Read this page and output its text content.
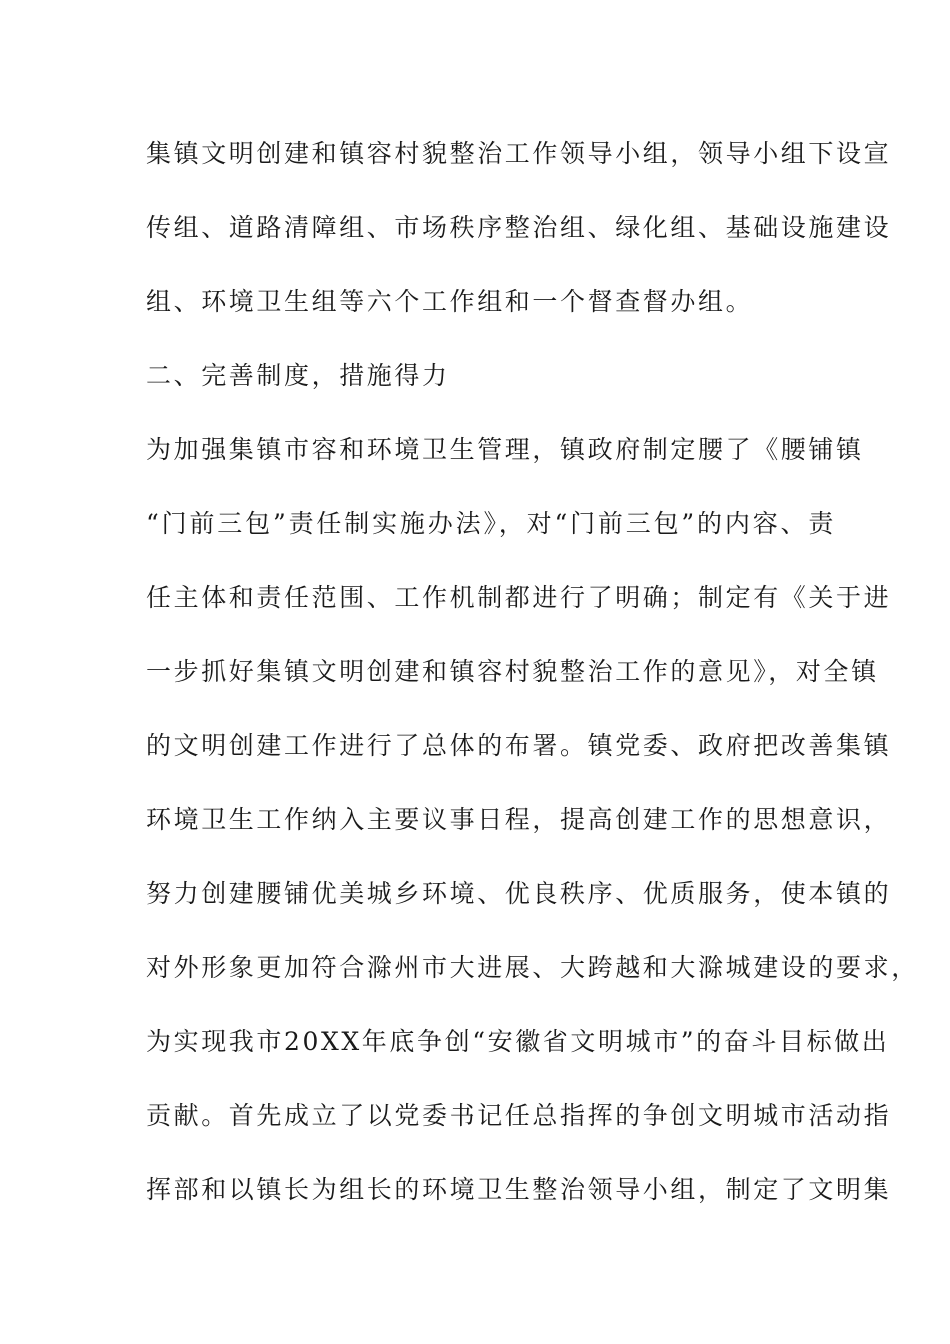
集镇文明创建和镇容村貌整治工作领导小组，领导小组下设宣
传组、道路清障组、市场秩序整治组、绿化组、基础设施建设
组、环境卫生组等六个工作组和一个督查督办组。
二、完善制度，措施得力
为加强集镇市容和环境卫生管理，镇政府制定腰了《腰铺镇
“门前三包”责任制实施办法》，对“门前三包”的内容、责
任主体和责任范围、工作机制都进行了明确；制定有《关于进
一步抓好集镇文明创建和镇容村貌整治工作的意见》，对全镇
的文明创建工作进行了总体的布署。镇党委、政府把改善集镇
环境卫生工作纳入主要议事日程，提高创建工作的思想意识，
努力创建腰铺优美城乡环境、优良秩序、优质服务，使本镇的
对外形象更加符合滁州市大进展、大跨越和大滁城建设的要求，
为实现我市20XX年底争创“安徽省文明城市”的奋斗目标做出
贡献。首先成立了以党委书记任总指挥的争创文明城市活动指
挥部和以镇长为组长的环境卫生整治领导小组，制定了文明集
